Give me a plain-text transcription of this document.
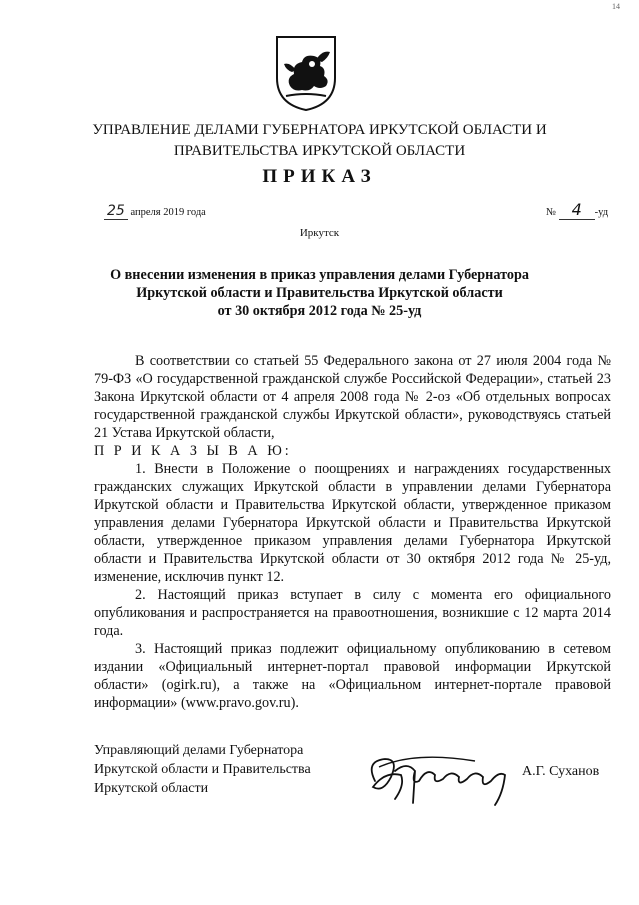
14
УПРАВЛЕНИЕ ДЕЛАМИ ГУБЕРНАТОРА ИРКУТСКОЙ ОБЛАСТИ И
ПРАВИТЕЛЬСТВА ИРКУТСКОЙ ОБЛАСТИ
ПРИКАЗ
25 апреля 2019 года	№ 4 -уд
Иркутск
О внесении изменения в приказ управления делами Губернатора
Иркутской области и Правительства Иркутской области
от 30 октября 2012 года № 25-уд

В соответствии со статьей 55 Федерального закона от 27 июля 2004 года № 79-ФЗ «О государственной гражданской службе Российской Федерации», статьей 23 Закона Иркутской области от 4 апреля 2008 года № 2-оз «Об отдельных вопросах государственной гражданской службы Иркутской области», руководствуясь статьей 21 Устава Иркутской области,

П Р И К А З Ы В А Ю:

1. Внести в Положение о поощрениях и награждениях государственных гражданских служащих Иркутской области в управлении делами Губернатора Иркутской области и Правительства Иркутской области, утвержденное приказом управления делами Губернатора Иркутской области и Правительства Иркутской области, утвержденное приказом управления делами Губернатора Иркутской области и Правительства Иркутской области от 30 октября 2012 года № 25-уд, изменение, исключив пункт 12.

2. Настоящий приказ вступает в силу с момента его официального опубликования и распространяется на правоотношения, возникшие с 12 марта 2014 года.

3. Настоящий приказ подлежит официальному опубликованию в сетевом издании «Официальный интернет-портал правовой информации Иркутской области» (ogirk.ru), а также на «Официальном интернет-портале правовой информации» (www.pravo.gov.ru).

Управляющий делами Губернатора
Иркутской области и Правительства
Иркутской области
А.Г. Суханов
